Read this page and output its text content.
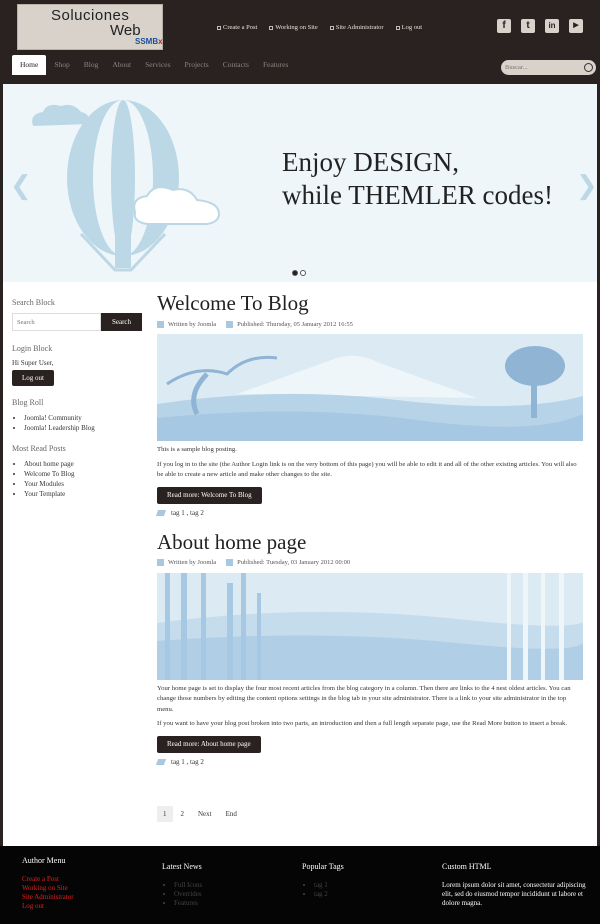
Soluciones
Web
SSMBx
Create a Post	Working on Site	Site Administrator	Log out	f	t	in	▶
Home	Shop	Blog	About	Services	Projects	Contacts	Features
Buscar...
Enjoy DESIGN,
while THEMLER codes!
❮	❯
Search Block
Search
Search
Login Block
Hi Super User,
Log out
Blog Roll
• Joomla! Community
• Joomla! Leadership Blog
Most Read Posts
• About home page
• Welcome To Blog
• Your Modules
• Your Template
Welcome To Blog
Written by Joomla	Published: Thursday, 05 January 2012 16:55

This is a sample blog posting.

If you log in to the site (the Author Login link is on the very bottom of this page) you will be able to edit it and all of the other existing articles. You will also be able to create a new article and make other changes to the site.

Read more: Welcome To Blog
tag 1 , tag 2
About home page
Written by Joomla	Published: Tuesday, 03 January 2012 00:00

Your home page is set to display the four most recent articles from the blog category in a column. Then there are links to the 4 nest oldest articles. You can change those numbers by editing the content options settings in the blog tab in your site administrator. There is a link to your site administrator in the top menu.

If you want to have your blog post broken into two parts, an introduction and then a full length separate page, use the Read More button to insert a break.

Read more: About home page
tag 1 , tag 2
1	2	Next	End
Author Menu
Create a Post
Working on Site
Site Administrator
Log out
Latest News
• Full Icons
• Overrides
• Features
Popular Tags
• tag 1
• tag 2
Custom HTML

Lorem ipsum dolor sit amet, consectetur adipiscing elit, sed do eiusmod tempor incididunt ut labore et dolore magna.
